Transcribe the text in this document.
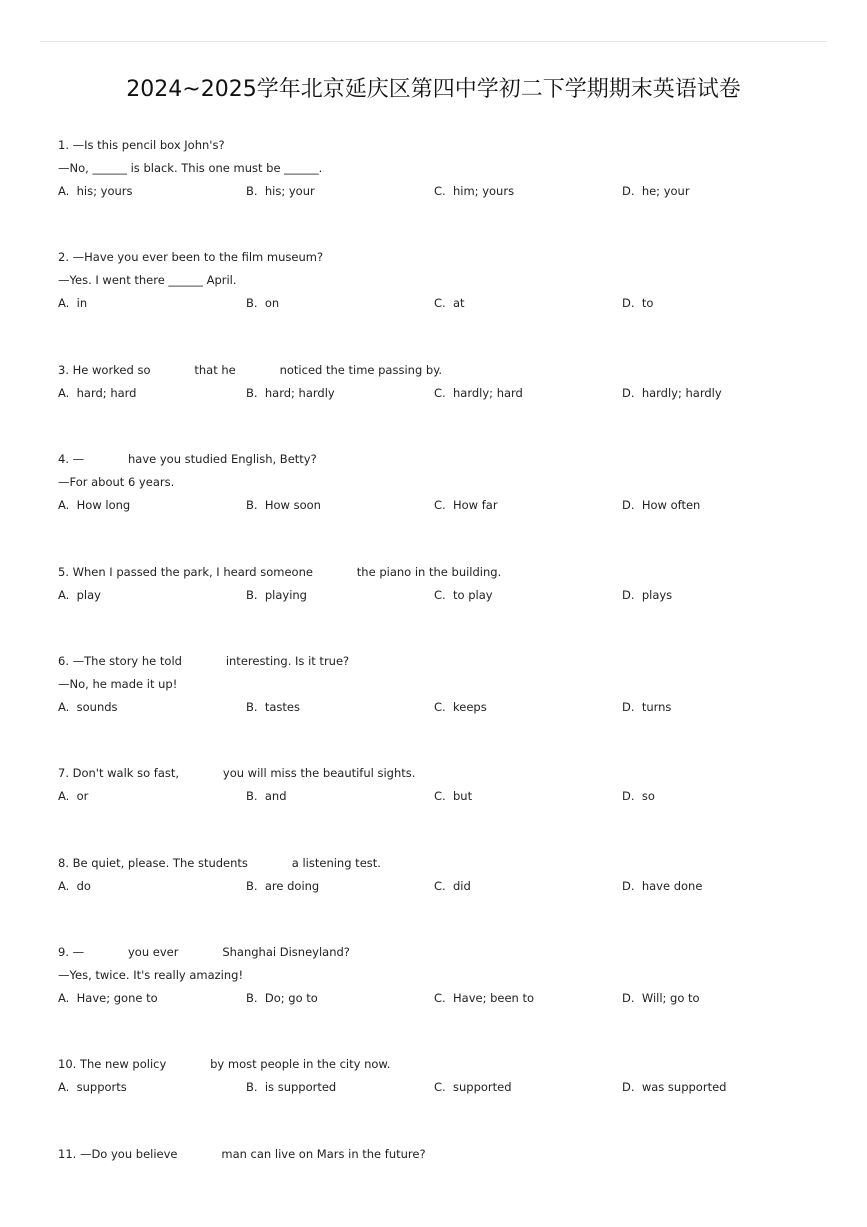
2024~2025学年北京延庆区第四中学初二下学期期末英语试卷
1. —Is this pencil box John's?
—No, ______ is black. This one must be ______.
A.  his; yours	B.  his; your	C.  him; yours	D.  he; your
2. —Have you ever been to the film museum?
—Yes. I went there ______ April.
A.  in	B.  on	C.  at	D.  to
3. He worked so            that he            noticed the time passing by.
A.  hard; hard	B.  hard; hardly	C.  hardly; hard	D.  hardly; hardly
4. —            have you studied English, Betty?
—For about 6 years.
A.  How long	B.  How soon	C.  How far	D.  How often
5. When I passed the park, I heard someone            the piano in the building.
A.  play	B.  playing	C.  to play	D.  plays
6. —The story he told            interesting. Is it true?
—No, he made it up!
A.  sounds	B.  tastes	C.  keeps	D.  turns
7. Don't walk so fast,            you will miss the beautiful sights.
A.  or	B.  and	C.  but	D.  so
8. Be quiet, please. The students            a listening test.
A.  do	B.  are doing	C.  did	D.  have done
9. —            you ever            Shanghai Disneyland?
—Yes, twice. It's really amazing!
A.  Have; gone to	B.  Do; go to	C.  Have; been to	D.  Will; go to
10. The new policy            by most people in the city now.
A.  supports	B.  is supported	C.  supported	D.  was supported
11. —Do you believe            man can live on Mars in the future?
